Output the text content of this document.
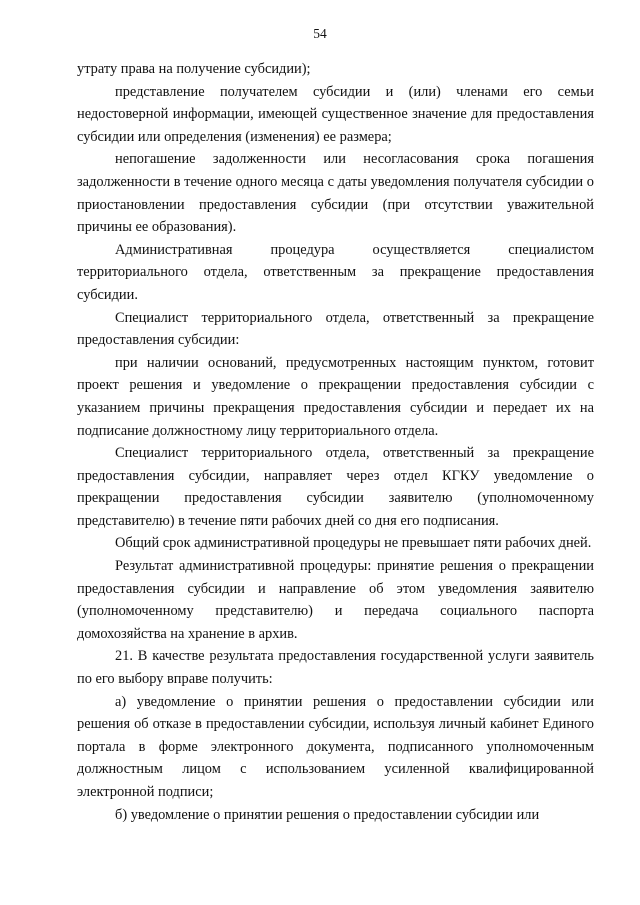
54

утрату права на получение субсидии);

представление получателем субсидии и (или) членами его семьи недостоверной информации, имеющей существенное значение для предоставления субсидии или определения (изменения) ее размера;

непогашение задолженности или несогласования срока погашения задолженности в течение одного месяца с даты уведомления получателя субсидии о приостановлении предоставления субсидии (при отсутствии уважительной причины ее образования).

Административная процедура осуществляется специалистом территориального отдела, ответственным за прекращение предоставления субсидии.

Специалист территориального отдела, ответственный за прекращение предоставления субсидии:

при наличии оснований, предусмотренных настоящим пунктом, готовит проект решения и уведомление о прекращении предоставления субсидии с указанием причины прекращения предоставления субсидии и передает их на подписание должностному лицу территориального отдела.

Специалист территориального отдела, ответственный за прекращение предоставления субсидии, направляет через отдел КГКУ уведомление о прекращении предоставления субсидии заявителю (уполномоченному представителю) в течение пяти рабочих дней со дня его подписания.

Общий срок административной процедуры не превышает пяти рабочих дней.

Результат административной процедуры: принятие решения о прекращении предоставления субсидии и направление об этом уведомления заявителю (уполномоченному представителю) и передача социального паспорта домохозяйства на хранение в архив.

21. В качестве результата предоставления государственной услуги заявитель по его выбору вправе получить:

а) уведомление о принятии решения о предоставлении субсидии или решения об отказе в предоставлении субсидии, используя личный кабинет Единого портала в форме электронного документа, подписанного уполномоченным должностным лицом с использованием усиленной квалифицированной электронной подписи;

б) уведомление о принятии решения о предоставлении субсидии или
